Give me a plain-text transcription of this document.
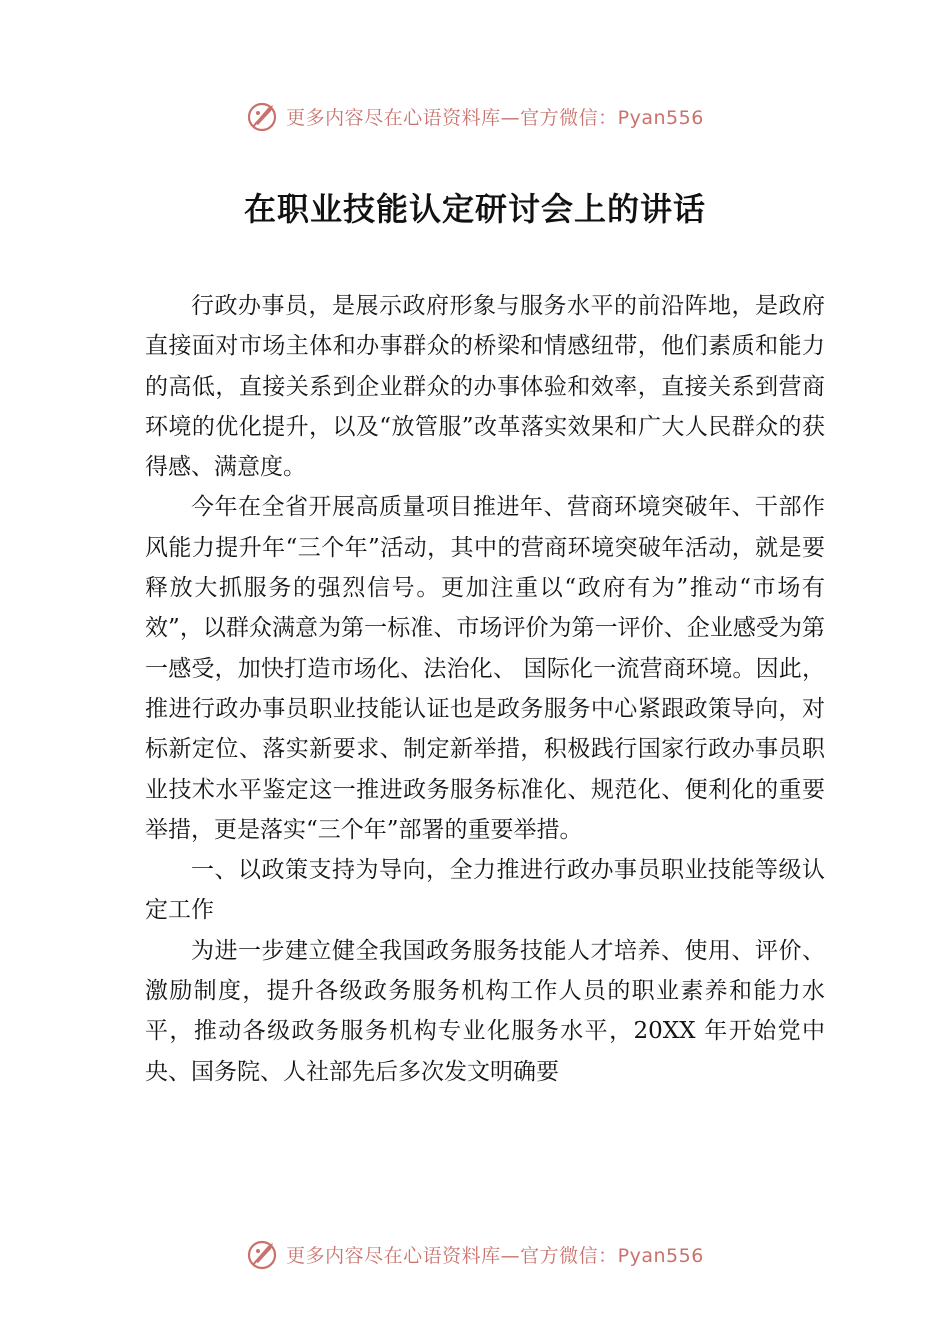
更多内容尽在心语资料库—官方微信：Pyan556
在职业技能认定研讨会上的讲话

行政办事员，是展示政府形象与服务水平的前沿阵地，是政府直接面对市场主体和办事群众的桥梁和情感纽带，他们素质和能力的高低，直接关系到企业群众的办事体验和效率，直接关系到营商环境的优化提升，以及“放管服”改革落实效果和广大人民群众的获得感、满意度。

今年在全省开展高质量项目推进年、营商环境突破年、干部作风能力提升年“三个年”活动，其中的营商环境突破年活动，就是要释放大抓服务的强烈信号。更加注重以“政府有为”推动“市场有效”，以群众满意为第一标准、市场评价为第一评价、企业感受为第一感受，加快打造市场化、法治化、 国际化一流营商环境。因此，推进行政办事员职业技能认证也是政务服务中心紧跟政策导向，对标新定位、落实新要求、制定新举措，积极践行国家行政办事员职业技术水平鉴定这一推进政务服务标准化、规范化、便利化的重要举措，更是落实“三个年”部署的重要举措。

一、以政策支持为导向，全力推进行政办事员职业技能等级认定工作

为进一步建立健全我国政务服务技能人才培养、使用、评价、激励制度，提升各级政务服务机构工作人员的职业素养和能力水平，推动各级政务服务机构专业化服务水平，20XX 年开始党中央、国务院、人社部先后多次发文明确要

更多内容尽在心语资料库—官方微信：Pyan556
